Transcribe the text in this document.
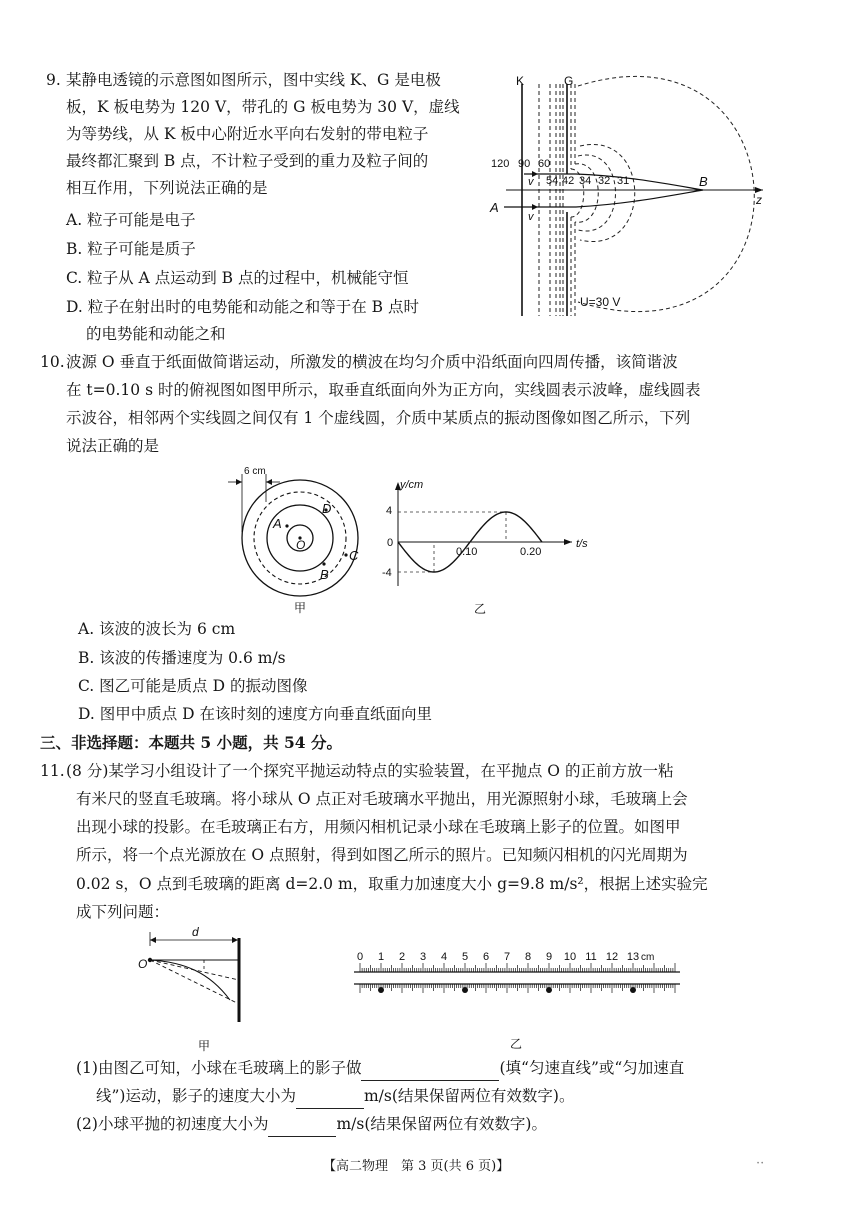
9. 某静电透镜的示意图如图所示，图中实线 K、G 是电极
板，K 板电势为 120 V，带孔的 G 板电势为 30 V，虚线
为等势线，从 K 板中心附近水平向右发射的带电粒子
最终都汇聚到 B 点，不计粒子受到的重力及粒子间的
相互作用，下列说法正确的是
A. 粒子可能是电子
B. 粒子可能是质子
C. 粒子从 A 点运动到 B 点的过程中，机械能守恒
D. 粒子在射出时的电势能和动能之和等于在 B 点时
的电势能和动能之和
K	G
120 90 60
54 42 34 32 31
v
v
A
B
z
U=30 V
10. 波源 O 垂直于纸面做简谐运动，所激发的横波在均匀介质中沿纸面向四周传播，该简谐波
在 t=0.10 s 时的俯视图如图甲所示，取垂直纸面向外为正方向，实线圆表示波峰，虚线圆表
示波谷，相邻两个实线圆之间仅有 1 个虚线圆，介质中某质点的振动图像如图乙所示，下列
说法正确的是
6 cm
A
D
O
B
C
甲
y/cm
t/s
4
-4
0
0.10	0.20
乙
A. 该波的波长为 6 cm
B. 该波的传播速度为 0.6 m/s
C. 图乙可能是质点 D 的振动图像
D. 图甲中质点 D 在该时刻的速度方向垂直纸面向里
三、非选择题：本题共 5 小题，共 54 分。
11. (8 分)某学习小组设计了一个探究平抛运动特点的实验装置，在平抛点 O 的正前方放一粘
有米尺的竖直毛玻璃。将小球从 O 点正对毛玻璃水平抛出，用光源照射小球，毛玻璃上会
出现小球的投影。在毛玻璃正右方，用频闪相机记录小球在毛玻璃上影子的位置。如图甲
所示，将一个点光源放在 O 点照射，得到如图乙所示的照片。已知频闪相机的闪光周期为
0.02 s，O 点到毛玻璃的距离 d=2.0 m，取重力加速度大小 g=9.8 m/s²，根据上述实验完
成下列问题：
d
O
甲
0 1 2 3 4 5 6 7 8 9 10 11 12 13 cm
乙
(1)由图乙可知，小球在毛玻璃上的影子做	(填“匀速直线”或“匀加速直
线”)运动，影子的速度大小为	m/s(结果保留两位有效数字)。
(2)小球平抛的初速度大小为	m/s(结果保留两位有效数字)。
【高二物理　第 3 页(共 6 页)】	··
